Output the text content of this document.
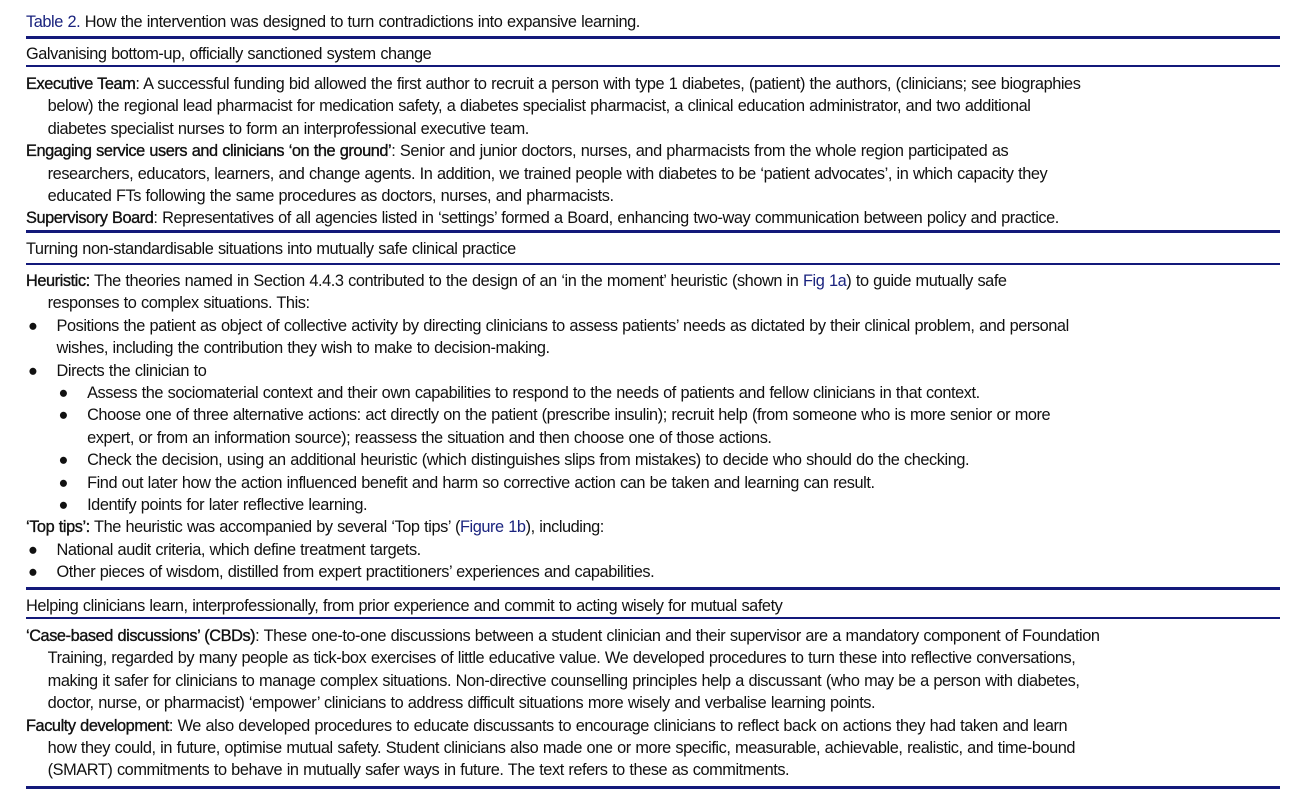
Table 2. How the intervention was designed to turn contradictions into expansive learning.
Galvanising bottom-up, officially sanctioned system change
Executive Team: A successful funding bid allowed the first author to recruit a person with type 1 diabetes, (patient) the authors, (clinicians; see biographies
below) the regional lead pharmacist for medication safety, a diabetes specialist pharmacist, a clinical education administrator, and two additional
diabetes specialist nurses to form an interprofessional executive team.
Engaging service users and clinicians ‘on the ground’: Senior and junior doctors, nurses, and pharmacists from the whole region participated as
researchers, educators, learners, and change agents. In addition, we trained people with diabetes to be ‘patient advocates’, in which capacity they
educated FTs following the same procedures as doctors, nurses, and pharmacists.
Supervisory Board: Representatives of all agencies listed in ‘settings’ formed a Board, enhancing two-way communication between policy and practice.
Turning non-standardisable situations into mutually safe clinical practice
Heuristic: The theories named in Section 4.4.3 contributed to the design of an ‘in the moment’ heuristic (shown in Fig 1a) to guide mutually safe
responses to complex situations. This:
● Positions the patient as object of collective activity by directing clinicians to assess patients’ needs as dictated by their clinical problem, and personal
wishes, including the contribution they wish to make to decision-making.
● Directs the clinician to
● Assess the sociomaterial context and their own capabilities to respond to the needs of patients and fellow clinicians in that context.
● Choose one of three alternative actions: act directly on the patient (prescribe insulin); recruit help (from someone who is more senior or more
expert, or from an information source); reassess the situation and then choose one of those actions.
● Check the decision, using an additional heuristic (which distinguishes slips from mistakes) to decide who should do the checking.
● Find out later how the action influenced benefit and harm so corrective action can be taken and learning can result.
● Identify points for later reflective learning.
‘Top tips’: The heuristic was accompanied by several ‘Top tips’ (Figure 1b), including:
● National audit criteria, which define treatment targets.
● Other pieces of wisdom, distilled from expert practitioners’ experiences and capabilities.
Helping clinicians learn, interprofessionally, from prior experience and commit to acting wisely for mutual safety
‘Case-based discussions’ (CBDs): These one-to-one discussions between a student clinician and their supervisor are a mandatory component of Foundation
Training, regarded by many people as tick-box exercises of little educative value. We developed procedures to turn these into reflective conversations,
making it safer for clinicians to manage complex situations. Non-directive counselling principles help a discussant (who may be a person with diabetes,
doctor, nurse, or pharmacist) ‘empower’ clinicians to address difficult situations more wisely and verbalise learning points.
Faculty development: We also developed procedures to educate discussants to encourage clinicians to reflect back on actions they had taken and learn
how they could, in future, optimise mutual safety. Student clinicians also made one or more specific, measurable, achievable, realistic, and time-bound
(SMART) commitments to behave in mutually safer ways in future. The text refers to these as commitments.
